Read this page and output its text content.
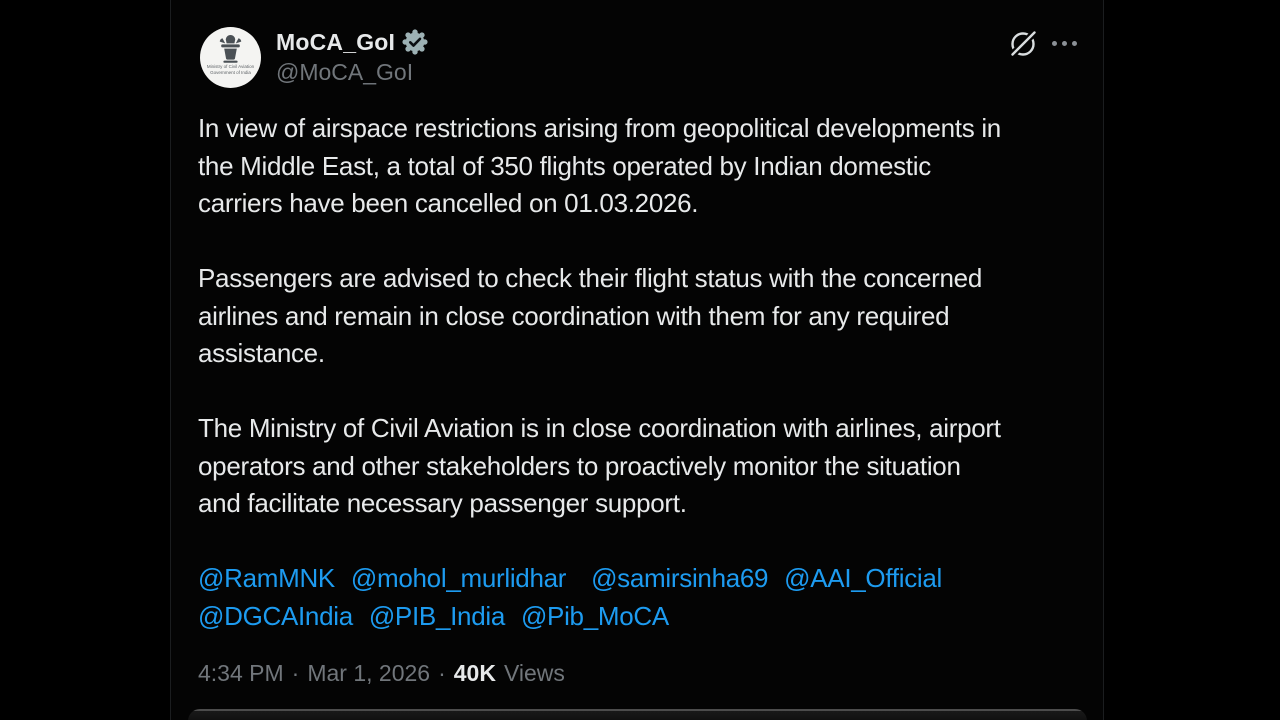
Ministry of Civil Aviation
Government of India
MoCA_GoI
@MoCA_GoI
In view of airspace restrictions arising from geopolitical developments in
the Middle East, a total of 350 flights operated by Indian domestic
carriers have been cancelled on 01.03.2026.
Passengers are advised to check their flight status with the concerned
airlines and remain in close coordination with them for any required
assistance.
The Ministry of Civil Aviation is in close coordination with airlines, airport
operators and other stakeholders to proactively monitor the situation
and facilitate necessary passenger support.
@RamMNK @mohol_murlidhar @samirsinha69 @AAI_Official
@DGCAIndia @PIB_India @Pib_MoCA
4:34 PM · Mar 1, 2026 · 40K Views
